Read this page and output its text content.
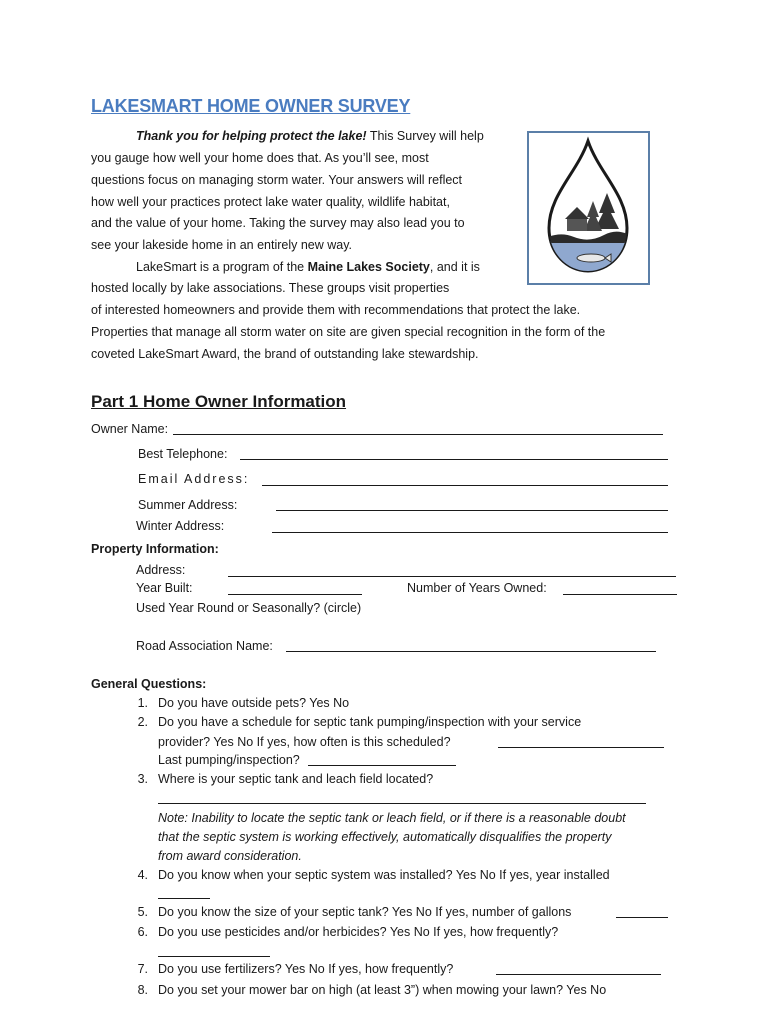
LAKESMART HOME OWNER SURVEY
Thank you for helping protect the lake! This Survey will help
you gauge how well your home does that. As you’ll see, most
questions focus on managing storm water. Your answers will reflect
how well your practices protect lake water quality, wildlife habitat,
and the value of your home. Taking the survey may also lead you to
see your lakeside home in an entirely new way.
LakeSmart is a program of the Maine Lakes Society, and it is
hosted locally by lake associations. These groups visit properties
of interested homeowners and provide them with recommendations that protect the lake.
Properties that manage all storm water on site are given special recognition in the form of the
coveted LakeSmart Award, the brand of outstanding lake stewardship.
Part 1 Home Owner Information
Owner Name:
Best Telephone:
Email Address:
Summer Address:
Winter Address:
Property Information:
Address:
Year Built:	Number of Years Owned:
Used Year Round or Seasonally? (circle)
Road Association Name:
General Questions:
1. Do you have outside pets? Yes No
2. Do you have a schedule for septic tank pumping/inspection with your service
provider? Yes No If yes, how often is this scheduled?
Last pumping/inspection?
3. Where is your septic tank and leach field located?
Note: Inability to locate the septic tank or leach field, or if there is a reasonable doubt
that the septic system is working effectively, automatically disqualifies the property
from award consideration.
4. Do you know when your septic system was installed? Yes No If yes, year installed
5. Do you know the size of your septic tank? Yes No If yes, number of gallons
6. Do you use pesticides and/or herbicides? Yes No If yes, how frequently?
7. Do you use fertilizers? Yes No If yes, how frequently?
8. Do you set your mower bar on high (at least 3”) when mowing your lawn? Yes No
